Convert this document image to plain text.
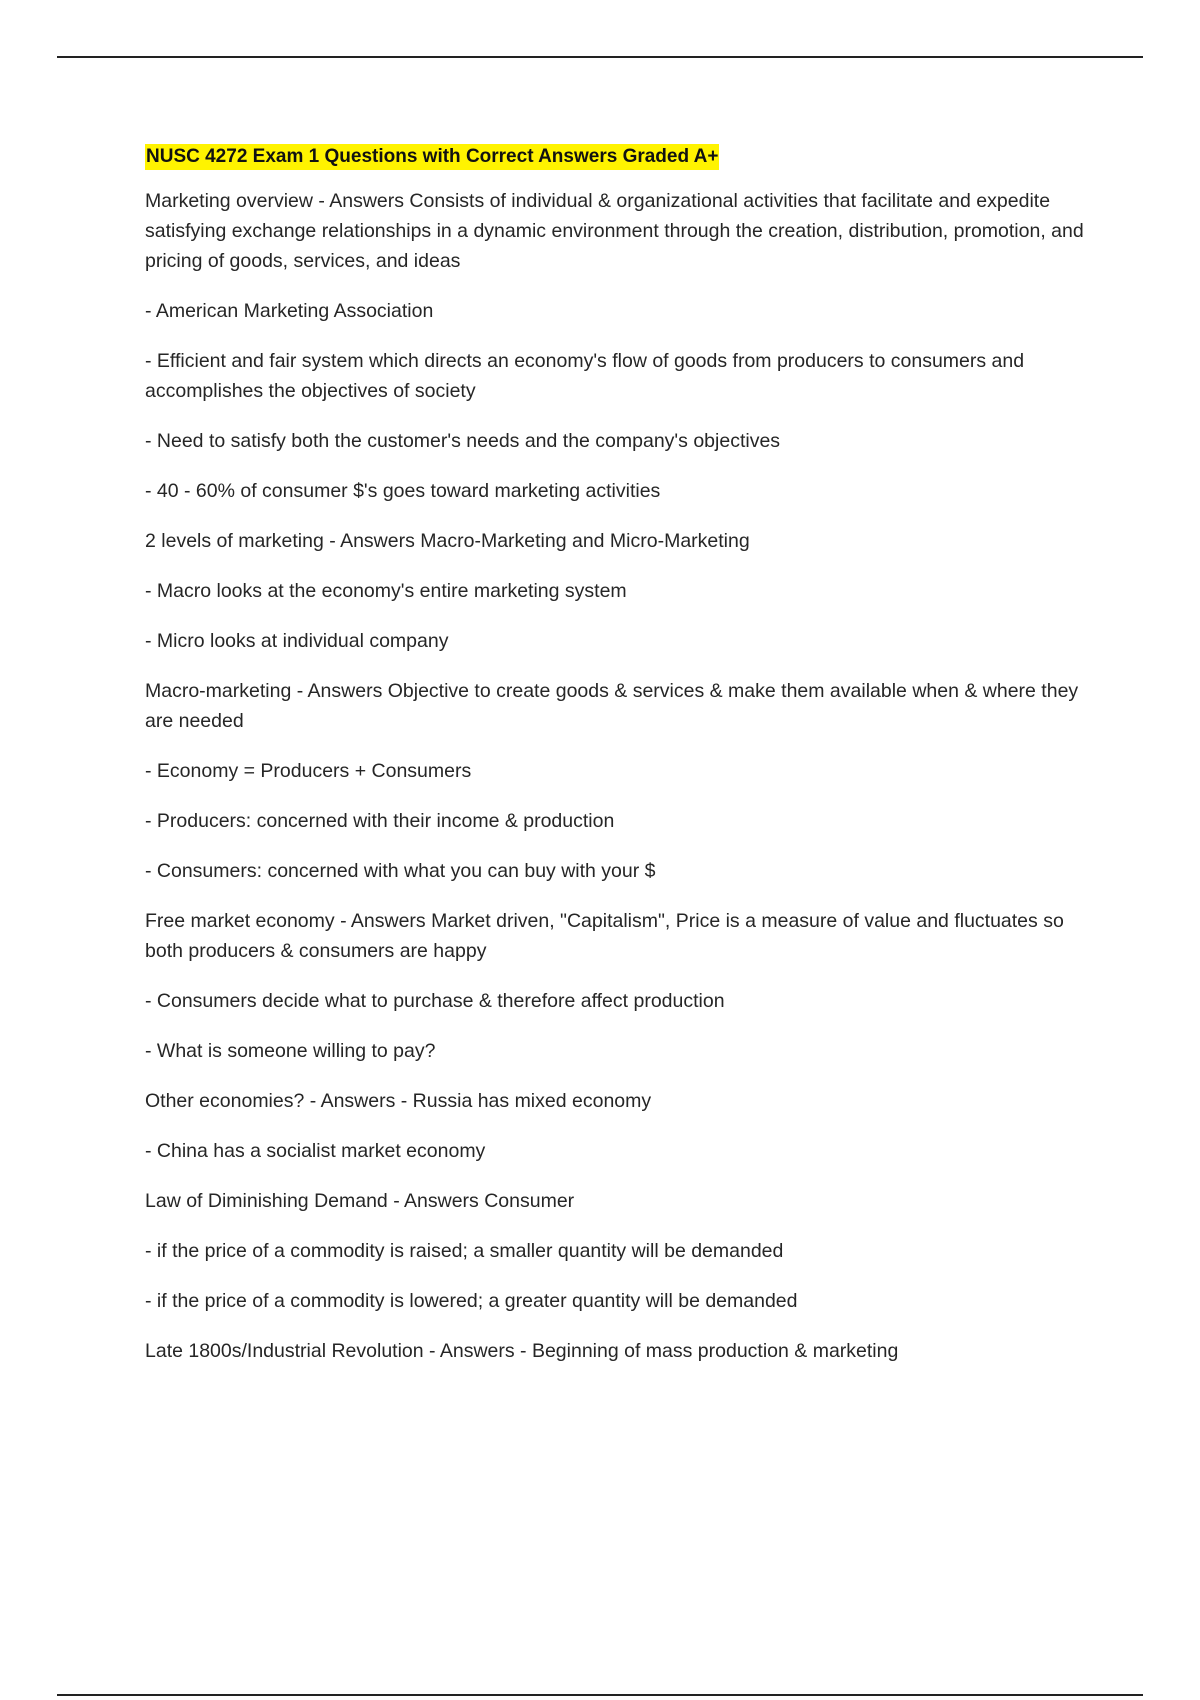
NUSC 4272 Exam 1 Questions with Correct Answers Graded A+

Marketing overview - Answers Consists of individual & organizational activities that facilitate and expedite satisfying exchange relationships in a dynamic environment through the creation, distribution, promotion, and pricing of goods, services, and ideas

- American Marketing Association

- Efficient and fair system which directs an economy's flow of goods from producers to consumers and accomplishes the objectives of society

- Need to satisfy both the customer's needs and the company's objectives

- 40 - 60% of consumer $'s goes toward marketing activities

2 levels of marketing - Answers Macro-Marketing and Micro-Marketing

- Macro looks at the economy's entire marketing system

- Micro looks at individual company

Macro-marketing - Answers Objective to create goods & services & make them available when & where they are needed

- Economy = Producers + Consumers

- Producers: concerned with their income & production

- Consumers: concerned with what you can buy with your $

Free market economy - Answers Market driven, "Capitalism", Price is a measure of value and fluctuates so both producers & consumers are happy

- Consumers decide what to purchase & therefore affect production

- What is someone willing to pay?

Other economies? - Answers - Russia has mixed economy

- China has a socialist market economy

Law of Diminishing Demand - Answers Consumer

- if the price of a commodity is raised; a smaller quantity will be demanded

- if the price of a commodity is lowered; a greater quantity will be demanded

Late 1800s/Industrial Revolution - Answers - Beginning of mass production & marketing
